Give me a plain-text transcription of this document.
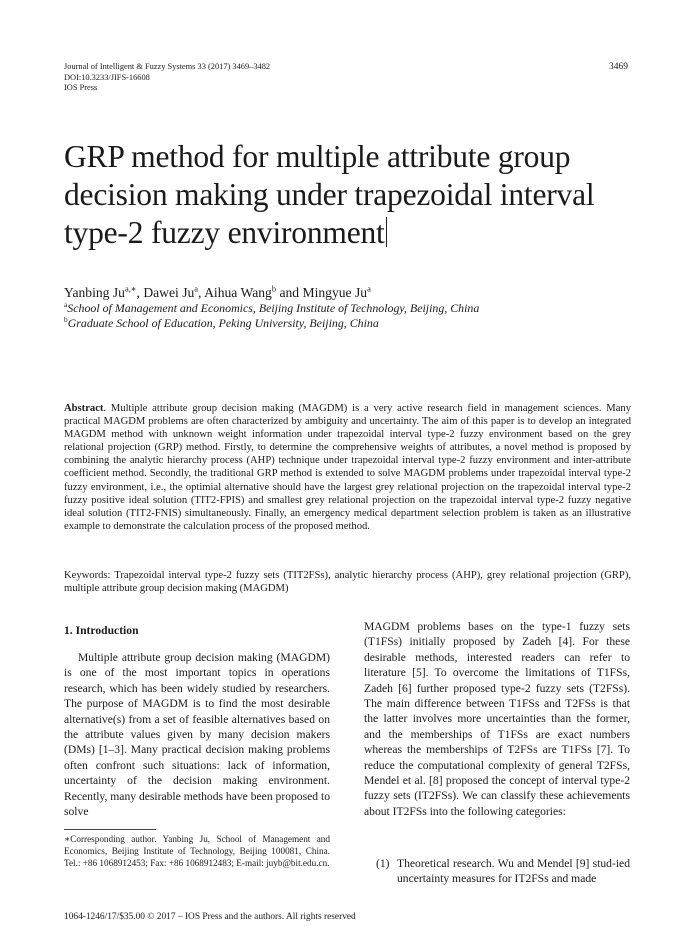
Journal of Intelligent & Fuzzy Systems 33 (2017) 3469–3482
DOI:10.3233/JIFS-16608
IOS Press
3469
GRP method for multiple attribute group decision making under trapezoidal interval type-2 fuzzy environment
Yanbing $Ju^{a,∗}$, Dawei Ju$^a$, Aihua Wang$^b$ and Mingyue Ju$^a$
$^a$School of Management and Economics, Beijing Institute of Technology, Beijing, China
$^b$Graduate School of Education, Peking University, Beijing, China
Abstract. Multiple attribute group decision making (MAGDM) is a very active research field in management sciences. Many practical MAGDM problems are often characterized by ambiguity and uncertainty. The aim of this paper is to develop an integrated MAGDM method with unknown weight information under trapezoidal interval type-2 fuzzy environment based on the grey relational projection (GRP) method. Firstly, to determine the comprehensive weights of attributes, a novel method is proposed by combining the analytic hierarchy process (AHP) technique under trapezoidal interval type-2 fuzzy environment and inter-attribute coefficient method. Secondly, the traditional GRP method is extended to solve MAGDM problems under trapezoidal interval type-2 fuzzy environment, i.e., the optimial alternative should have the largest grey relational projection on the trapezoidal interval type-2 fuzzy positive ideal solution (TIT2-FPIS) and smallest grey relational projection on the trapezoidal interval type-2 fuzzy negative ideal solution (TIT2-FNIS) simultaneously. Finally, an emergency medical department selection problem is taken as an illustrative example to demonstrate the calculation process of the proposed method.
Keywords: Trapezoidal interval type-2 fuzzy sets (TIT2FSs), analytic hierarchy process (AHP), grey relational projection (GRP), multiple attribute group decision making (MAGDM)
1. Introduction
Multiple attribute group decision making (MAGDM) is one of the most important topics in operations research, which has been widely studied by researchers. The purpose of MAGDM is to find the most desirable alternative(s) from a set of feasible alternatives based on the attribute values given by many decision makers (DMs) [1–3]. Many practical decision making problems often confront such situations: lack of information, uncertainty of the decision making environment. Recently, many desirable methods have been proposed to solve
MAGDM problems bases on the type-1 fuzzy sets (T1FSs) initially proposed by Zadeh [4]. For these desirable methods, interested readers can refer to literature [5]. To overcome the limitations of T1FSs, Zadeh [6] further proposed type-2 fuzzy sets (T2FSs). The main difference between T1FSs and T2FSs is that the latter involves more uncertainties than the former, and the memberships of T1FSs are exact numbers whereas the memberships of T2FSs are T1FSs [7]. To reduce the computational complexity of general T2FSs, Mendel et al. [8] proposed the concept of interval type-2 fuzzy sets (IT2FSs). We can classify these achievements about IT2FSs into the following categories:
(1) Theoretical research. Wu and Mendel [9] stud-ied uncertainty measures for IT2FSs and made
∗Corresponding author. Yanbing Ju, School of Management and Economics, Beijing Institute of Technology, Beijing 100081, China. Tel.: +86 1068912453; Fax: +86 1068912483; E-mail: juyb@bit.edu.cn.
1064-1246/17/$35.00 © 2017 – IOS Press and the authors. All rights reserved
